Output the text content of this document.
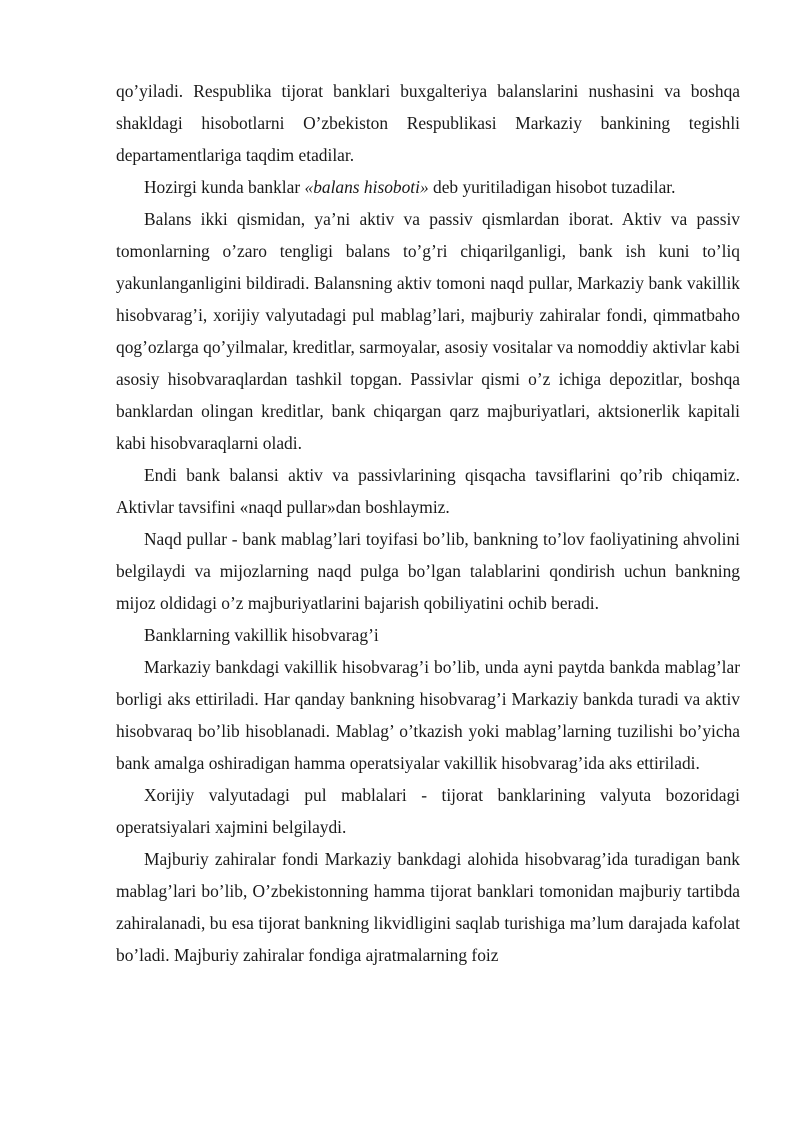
qo’yiladi. Respublika tijorat banklari buxgalteriya balanslarini nushasini va boshqa shakldagi hisobotlarni O’zbekiston Respublikasi Markaziy bankining tegishli departamentlariga taqdim etadilar.

Hozirgi kunda banklar «balans hisoboti» deb yuritiladigan hisobot tuzadilar.

Balans ikki qismidan, ya’ni aktiv va passiv qismlardan iborat. Aktiv va passiv tomonlarning o’zaro tengligi balans to’g’ri chiqarilganligi, bank ish kuni to’liq yakunlanganligini bildiradi. Balansning aktiv tomoni naqd pullar, Markaziy bank vakillik hisobvarag’i, xorijiy valyutadagi pul mablag’lari, majburiy zahiralar fondi, qimmatbaho qog’ozlarga qo’yilmalar, kreditlar, sarmoyalar, asosiy vositalar va nomoddiy aktivlar kabi asosiy hisobvaraqlardan tashkil topgan. Passivlar qismi o’z ichiga depozitlar, boshqa banklardan olingan kreditlar, bank chiqargan qarz majburiyatlari, aktsionerlik kapitali kabi hisobvaraqlarni oladi.

Endi bank balansi aktiv va passivlarining qisqacha tavsiflarini qo’rib chiqamiz. Aktivlar tavsifini «naqd pullar»dan boshlaymiz.

Naqd pullar - bank mablag’lari toyifasi bo’lib, bankning to’lov faoliyatining ahvolini belgilaydi va mijozlarning naqd pulga bo’lgan talablarini qondirish uchun bankning mijoz oldidagi o’z majburiyatlarini bajarish qobiliyatini ochib beradi.

Banklarning vakillik hisobvarag’i

Markaziy bankdagi vakillik hisobvarag’i bo’lib, unda ayni paytda bankda mablag’lar borligi aks ettiriladi. Har qanday bankning hisobvarag’i Markaziy bankda turadi va aktiv hisobvaraq bo’lib hisoblanadi. Mablag’ o’tkazish yoki mablag’larning tuzilishi bo’yicha bank amalga oshiradigan hamma operatsiyalar vakillik hisobvarag’ida aks ettiriladi.

Xorijiy valyutadagi pul mablalari - tijorat banklarining valyuta bozoridagi operatsiyalari xajmini belgilaydi.

Majburiy zahiralar fondi Markaziy bankdagi alohida hisobvarag’ida turadigan bank mablag’lari bo’lib, O’zbekistonning hamma tijorat banklari tomonidan majburiy tartibda zahiralanadi, bu esa tijorat bankning likvidligini saqlab turishiga ma’lum darajada kafolat bo’ladi. Majburiy zahiralar fondiga ajratmalarning foiz
